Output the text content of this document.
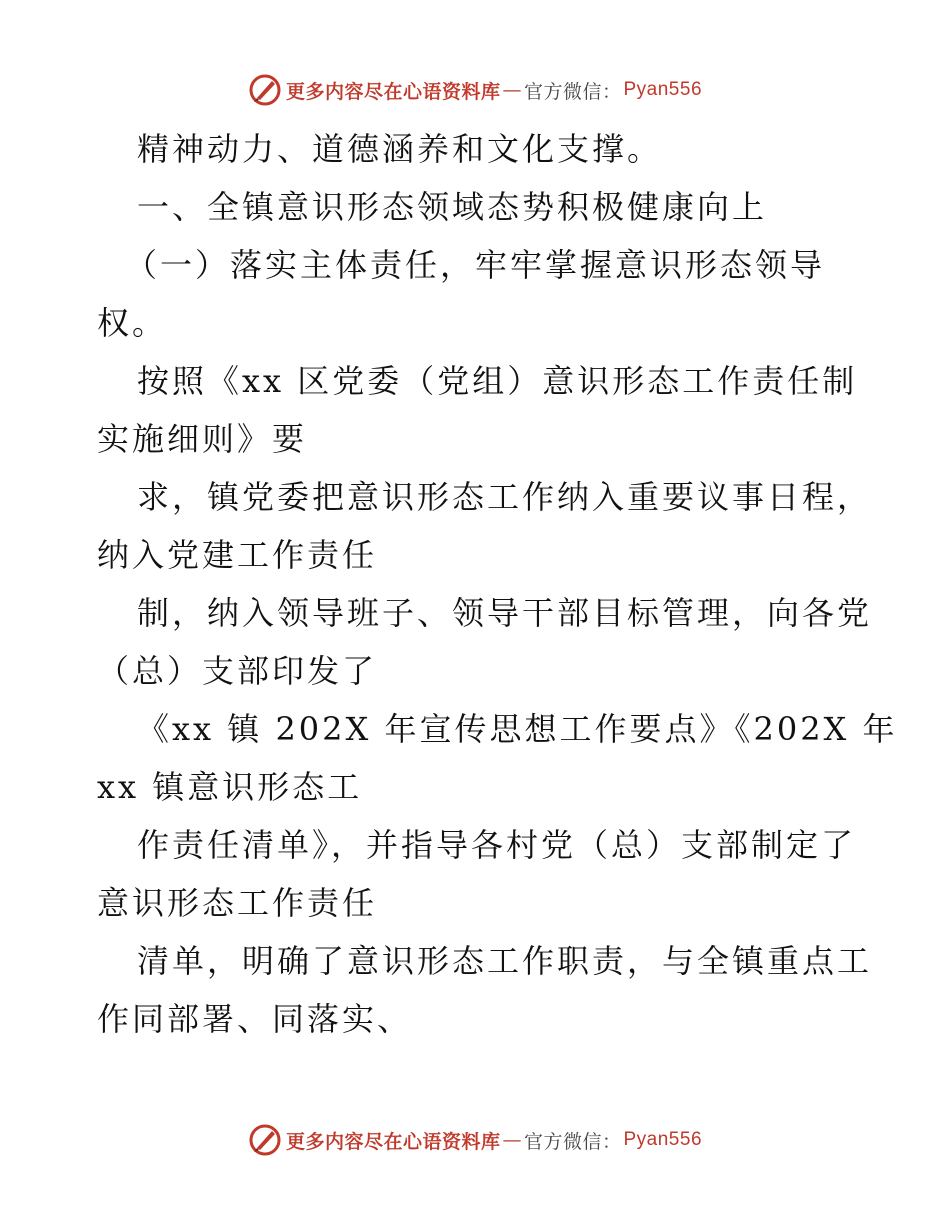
更多内容尽在心语资料库 — 官方微信： Pyan556
精神动力、道德涵养和文化支撑。
一、全镇意识形态领域态势积极健康向上
（一）落实主体责任，牢牢掌握意识形态领导
权。
按照《xx 区党委（党组）意识形态工作责任制
实施细则》要
求，镇党委把意识形态工作纳入重要议事日程，
纳入党建工作责任
制，纳入领导班子、领导干部目标管理，向各党
（总）支部印发了
《xx 镇 202X 年宣传思想工作要点》《202X 年
xx 镇意识形态工
作责任清单》，并指导各村党（总）支部制定了
意识形态工作责任
清单，明确了意识形态工作职责，与全镇重点工
作同部署、同落实、
更多内容尽在心语资料库 — 官方微信： Pyan556
